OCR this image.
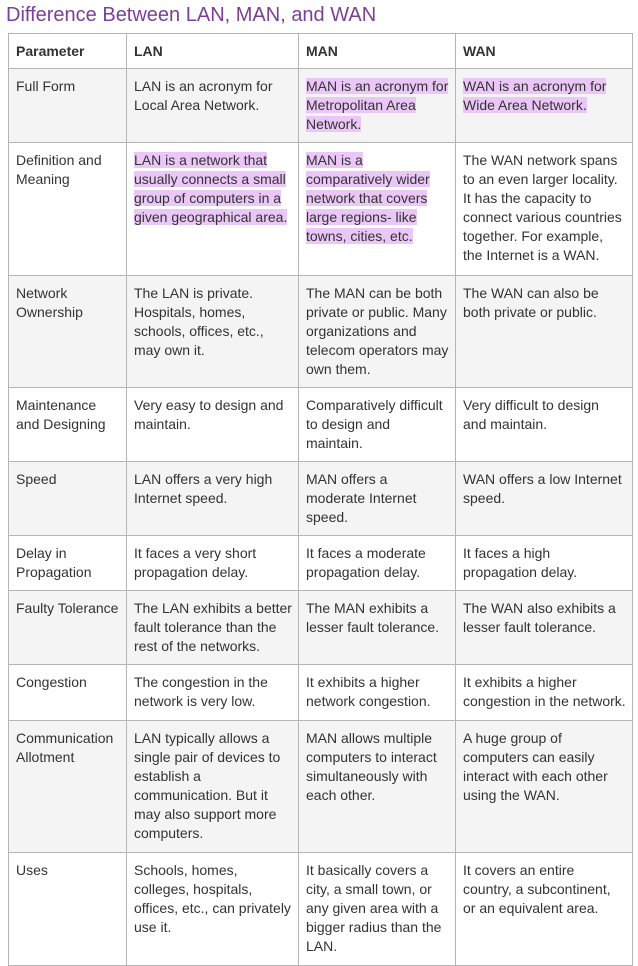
Difference Between LAN, MAN, and WAN
Parameter	LAN	MAN	WAN
Full Form	LAN is an acronym for Local Area Network.	MAN is an acronym for Metropolitan Area Network.	WAN is an acronym for Wide Area Network.
Definition and Meaning	LAN is a network that usually connects a small group of computers in a given geographical area.	MAN is a comparatively wider network that covers large regions- like towns, cities, etc.	The WAN network spans to an even larger locality. It has the capacity to connect various countries together. For example, the Internet is a WAN.
Network Ownership	The LAN is private. Hospitals, homes, schools, offices, etc., may own it.	The MAN can be both private or public. Many organizations and telecom operators may own them.	The WAN can also be both private or public.
Maintenance and Designing	Very easy to design and maintain.	Comparatively difficult to design and maintain.	Very difficult to design and maintain.
Speed	LAN offers a very high Internet speed.	MAN offers a moderate Internet speed.	WAN offers a low Internet speed.
Delay in Propagation	It faces a very short propagation delay.	It faces a moderate propagation delay.	It faces a high propagation delay.
Faulty Tolerance	The LAN exhibits a better fault tolerance than the rest of the networks.	The MAN exhibits a lesser fault tolerance.	The WAN also exhibits a lesser fault tolerance.
Congestion	The congestion in the network is very low.	It exhibits a higher network congestion.	It exhibits a higher congestion in the network.
Communication Allotment	LAN typically allows a single pair of devices to establish a communication. But it may also support more computers.	MAN allows multiple computers to interact simultaneously with each other.	A huge group of computers can easily interact with each other using the WAN.
Uses	Schools, homes, colleges, hospitals, offices, etc., can privately use it.	It basically covers a city, a small town, or any given area with a bigger radius than the LAN.	It covers an entire country, a subcontinent, or an equivalent area.
